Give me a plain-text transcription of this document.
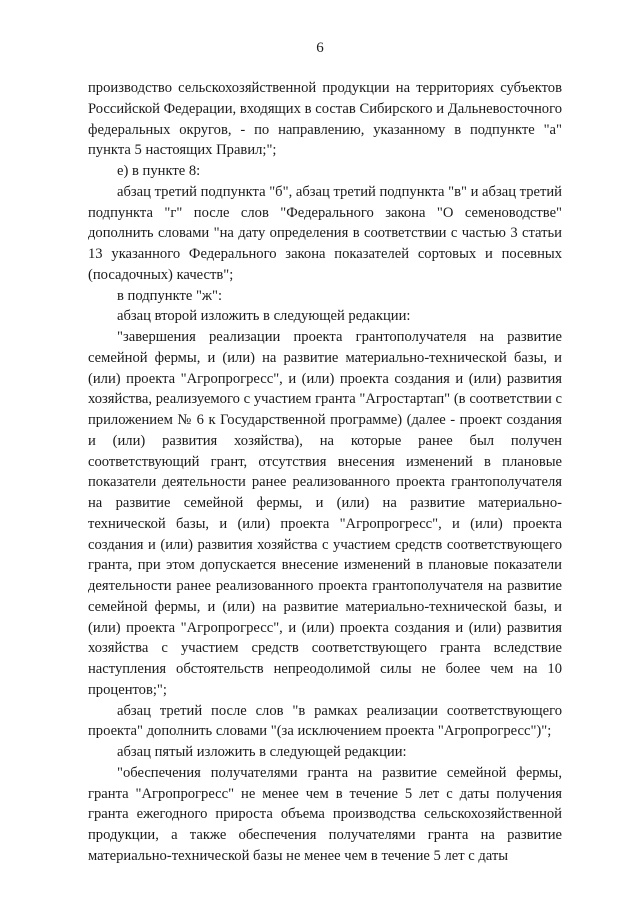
6

производство сельскохозяйственной продукции на территориях субъектов Российской Федерации, входящих в состав Сибирского и Дальневосточного федеральных округов, - по направлению, указанному в подпункте "а" пункта 5 настоящих Правил;";

е) в пункте 8:

абзац третий подпункта "б", абзац третий подпункта "в" и абзац третий подпункта "г" после слов "Федерального закона "О семеноводстве" дополнить словами "на дату определения в соответствии с частью 3 статьи 13 указанного Федерального закона показателей сортовых и посевных (посадочных) качеств";

в подпункте "ж":

абзац второй изложить в следующей редакции:

"завершения реализации проекта грантополучателя на развитие семейной фермы, и (или) на развитие материально-технической базы, и (или) проекта "Агропрогресс", и (или) проекта создания и (или) развития хозяйства, реализуемого с участием гранта "Агростартап" (в соответствии с приложением № 6 к Государственной программе) (далее - проект создания и (или) развития хозяйства), на которые ранее был получен соответствующий грант, отсутствия внесения изменений в плановые показатели деятельности ранее реализованного проекта грантополучателя на развитие семейной фермы, и (или) на развитие материально-технической базы, и (или) проекта "Агропрогресс", и (или) проекта создания и (или) развития хозяйства с участием средств соответствующего гранта, при этом допускается внесение изменений в плановые показатели деятельности ранее реализованного проекта грантополучателя на развитие семейной фермы, и (или) на развитие материально-технической базы, и (или) проекта "Агропрогресс", и (или) проекта создания и (или) развития хозяйства с участием средств соответствующего гранта вследствие наступления обстоятельств непреодолимой силы не более чем на 10 процентов;";

абзац третий после слов "в рамках реализации соответствующего проекта" дополнить словами "(за исключением проекта "Агропрогресс")";

абзац пятый изложить в следующей редакции:

"обеспечения получателями гранта на развитие семейной фермы, гранта "Агропрогресс" не менее чем в течение 5 лет с даты получения гранта ежегодного прироста объема производства сельскохозяйственной продукции, а также обеспечения получателями гранта на развитие материально-технической базы не менее чем в течение 5 лет с даты
